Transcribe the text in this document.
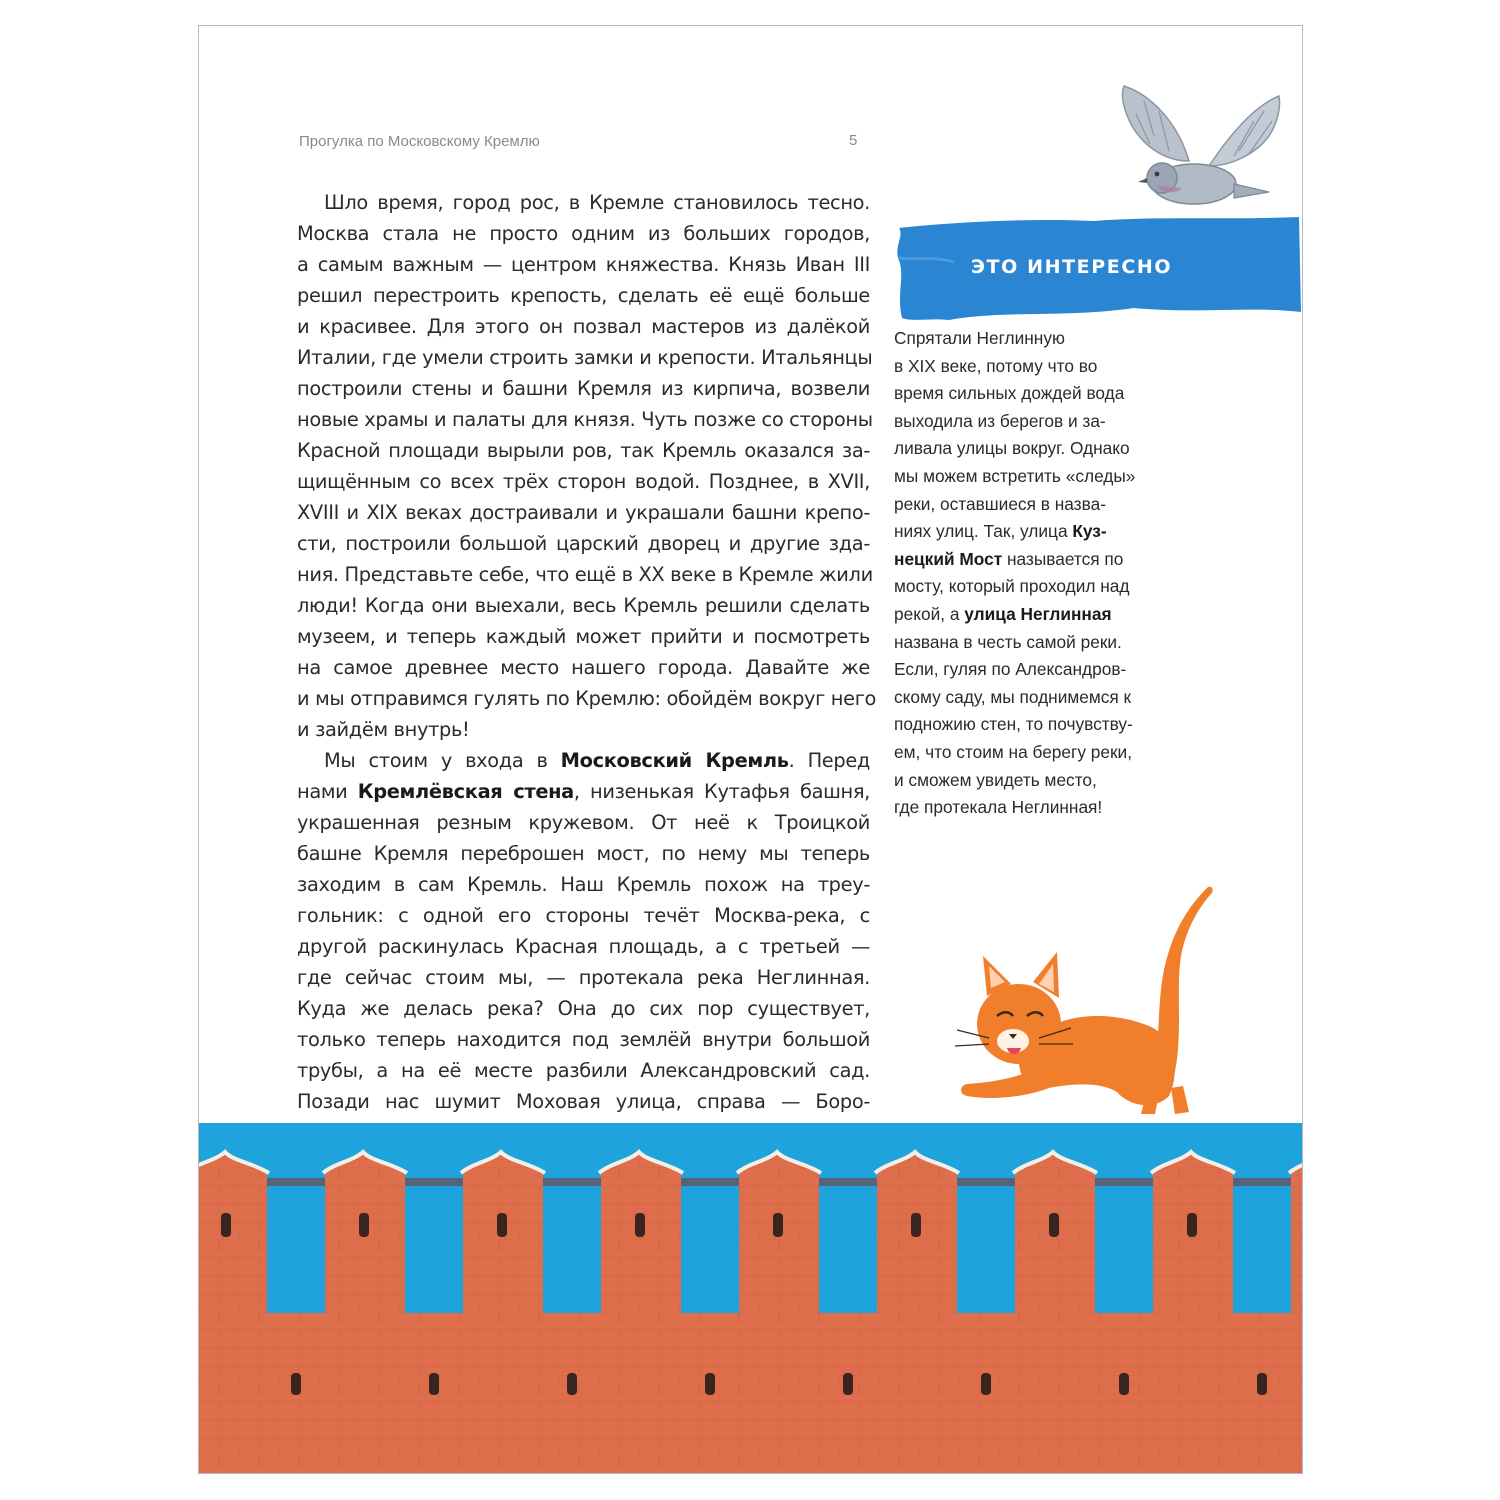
Прогулка по Московскому Кремлю	5
Шло время, город рос, в Кремле становилось тесно.
Москва стала не просто одним из больших городов,
а самым важным — центром княжества. Князь Иван III
решил перестроить крепость, сделать её ещё больше
и красивее. Для этого он позвал мастеров из далёкой
Италии, где умели строить замки и крепости. Итальянцы
построили стены и башни Кремля из кирпича, возвели
новые храмы и палаты для князя. Чуть позже со стороны
Красной площади вырыли ров, так Кремль оказался за-
щищённым со всех трёх сторон водой. Позднее, в XVII,
XVIII и XIX веках достраивали и украшали башни крепо-
сти, построили большой царский дворец и другие зда-
ния. Представьте себе, что ещё в XX веке в Кремле жили
люди! Когда они выехали, весь Кремль решили сделать
музеем, и теперь каждый может прийти и посмотреть
на самое древнее место нашего города. Давайте же
и мы отправимся гулять по Кремлю: обойдём вокруг него
и зайдём внутрь!
Мы стоим у входа в Московский Кремль. Перед
нами Кремлёвская стена, низенькая Кутафья башня,
украшенная резным кружевом. От неё к Троицкой
башне Кремля переброшен мост, по нему мы теперь
заходим в сам Кремль. Наш Кремль похож на треу-
гольник: с одной его стороны течёт Москва-река, с
другой раскинулась Красная площадь, а с третьей —
где сейчас стоим мы, — протекала река Неглинная.
Куда же делась река? Она до сих пор существует,
только теперь находится под землёй внутри большой
трубы, а на её месте разбили Александровский сад.
Позади нас шумит Моховая улица, справа — Боро-
ЭТО ИНТЕРЕСНО
Спрятали Неглинную
в XIX веке, потому что во
время сильных дождей вода
выходила из берегов и за-
ливала улицы вокруг. Однако
мы можем встретить «следы»
реки, оставшиеся в назва-
ниях улиц. Так, улица Куз-
нецкий Мост называется по
мосту, который проходил над
рекой, а улица Неглинная
названа в честь самой реки.
Если, гуляя по Александров-
скому саду, мы поднимемся к
подножию стен, то почувству-
ем, что стоим на берегу реки,
и сможем увидеть место,
где протекала Неглинная!
